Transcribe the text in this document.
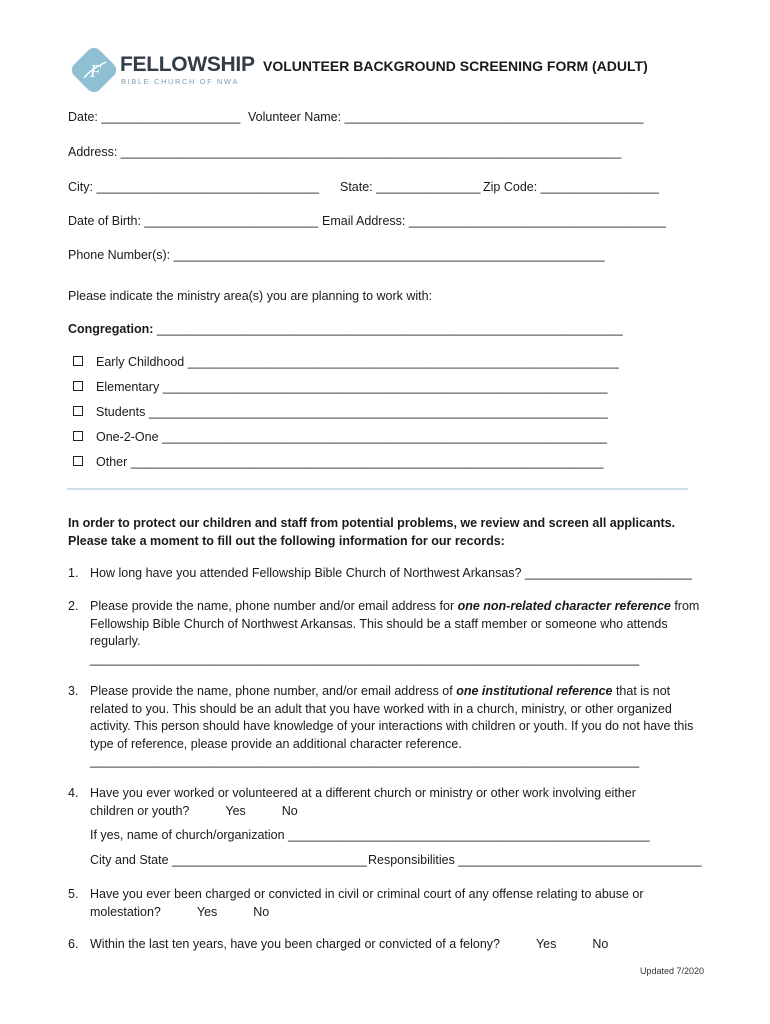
F FELLOWSHIP
BIBLE CHURCH OF NWA
VOLUNTEER BACKGROUND SCREENING FORM (ADULT)
Date: ____________________ Volunteer Name: ___________________________________________
Address: ________________________________________________________________________
City: ________________________________ State: _______________ Zip Code: _________________
Date of Birth: _________________________ Email Address: _____________________________________
Phone Number(s): ______________________________________________________________
Please indicate the ministry area(s) you are planning to work with:
Congregation: ___________________________________________________________________
Early Childhood ______________________________________________________________
Elementary ________________________________________________________________
Students __________________________________________________________________
One-2-One ________________________________________________________________
Other ____________________________________________________________________
In order to protect our children and staff from potential problems, we review and screen all applicants. Please take a moment to fill out the following information for our records:
1. How long have you attended Fellowship Bible Church of Northwest Arkansas? ________________________
2. Please provide the name, phone number and/or email address for one non-related character reference from Fellowship Bible Church of Northwest Arkansas. This should be a staff member or someone who attends regularly.
_______________________________________________________________________________
3. Please provide the name, phone number, and/or email address of one institutional reference that is not related to you. This should be an adult that you have worked with in a church, ministry, or other organized activity. This person should have knowledge of your interactions with children or youth. If you do not have this type of reference, please provide an additional character reference.
_______________________________________________________________________________
4. Have you ever worked or volunteered at a different church or ministry or other work involving either children or youth?	Yes	No
If yes, name of church/organization ____________________________________________________
City and State ____________________________ Responsibilities ___________________________________
5. Have you ever been charged or convicted in civil or criminal court of any offense relating to abuse or molestation?	Yes	No
6. Within the last ten years, have you been charged or convicted of a felony?	Yes	No
Updated 7/2020
